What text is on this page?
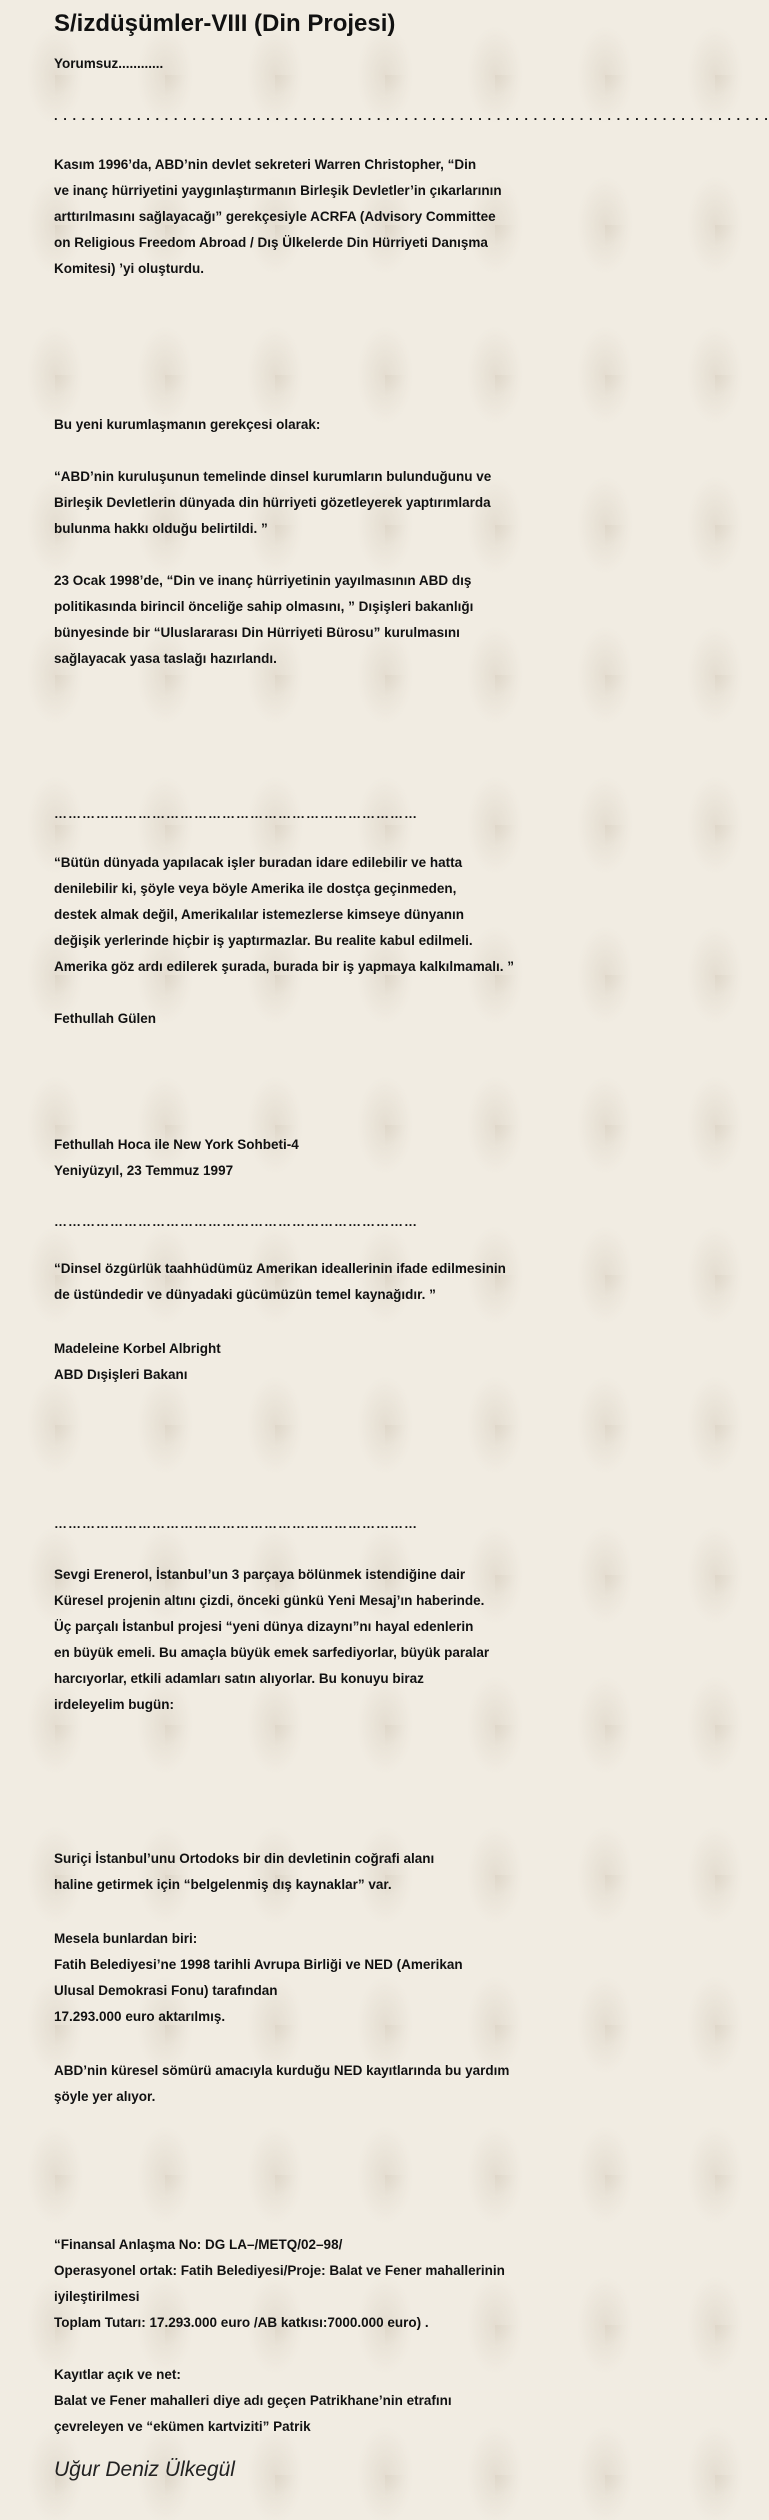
S/izdüşümler-VIII (Din Projesi)
Yorumsuz............
. . . . . . . . . . . . . . . . . . . . . . . . . . . . . . . . . . . . . . . . . . . . . . . . . . . . . . . . . . . . . . . . . . . . . . . . . . . . . .
Kasım 1996’da, ABD’nin devlet sekreteri Warren Christopher, “Din
ve inanç hürriyetini yaygınlaştırmanın Birleşik Devletler’in çıkarlarının
arttırılmasını sağlayacağı” gerekçesiyle ACRFA (Advisory Committee
on Religious Freedom Abroad / Dış Ülkelerde Din Hürriyeti Danışma
Komitesi) ’yi oluşturdu.
Bu yeni kurumlaşmanın gerekçesi olarak:
“ABD’nin kuruluşunun temelinde dinsel kurumların bulunduğunu ve
Birleşik Devletlerin dünyada din hürriyeti gözetleyerek yaptırımlarda
bulunma hakkı olduğu belirtildi. ”
23 Ocak 1998’de, “Din ve inanç hürriyetinin yayılmasının ABD dış
politikasında birincil önceliğe sahip olmasını, ” Dışişleri bakanlığı
bünyesinde bir “Uluslararası Din Hürriyeti Bürosu” kurulmasını
sağlayacak yasa taslağı hazırlandı.
……………………………………………………………………
“Bütün dünyada yapılacak işler buradan idare edilebilir ve hatta
denilebilir ki, şöyle veya böyle Amerika ile dostça geçinmeden,
destek almak değil, Amerikalılar istemezlerse kimseye dünyanın
değişik yerlerinde hiçbir iş yaptırmazlar. Bu realite kabul edilmeli.
Amerika göz ardı edilerek şurada, burada bir iş yapmaya kalkılmamalı. ”
Fethullah Gülen
Fethullah Hoca ile New York Sohbeti-4
Yeniyüzyıl, 23 Temmuz 1997
……………………………………………………………………
“Dinsel özgürlük taahhüdümüz Amerikan ideallerinin ifade edilmesinin
de üstündedir ve dünyadaki gücümüzün temel kaynağıdır. ”
Madeleine Korbel Albright
ABD Dışişleri Bakanı
……………………………………………………………………
Sevgi Erenerol, İstanbul’un 3 parçaya bölünmek istendiğine dair
Küresel projenin altını çizdi, önceki günkü Yeni Mesaj’ın haberinde.
Üç parçalı İstanbul projesi “yeni dünya dizaynı”nı hayal edenlerin
en büyük emeli. Bu amaçla büyük emek sarfediyorlar, büyük paralar
harcıyorlar, etkili adamları satın alıyorlar. Bu konuyu biraz
irdeleyelim bugün:
Suriçi İstanbul’unu Ortodoks bir din devletinin coğrafi alanı
haline getirmek için “belgelenmiş dış kaynaklar” var.
Mesela bunlardan biri:
Fatih Belediyesi’ne 1998 tarihli Avrupa Birliği ve NED (Amerikan
Ulusal Demokrasi Fonu) tarafından
17.293.000 euro aktarılmış.
ABD’nin küresel sömürü amacıyla kurduğu NED kayıtlarında bu yardım
şöyle yer alıyor.
“Finansal Anlaşma No: DG LA–/METQ/02–98/
Operasyonel ortak: Fatih Belediyesi/Proje: Balat ve Fener mahallerinin
iyileştirilmesi
Toplam Tutarı: 17.293.000 euro /AB katkısı:7000.000 euro) .
Kayıtlar açık ve net:
Balat ve Fener mahalleri diye adı geçen Patrikhane’nin etrafını
çevreleyen ve “ekümen kartviziti” Patrik
Uğur Deniz Ülkegül
